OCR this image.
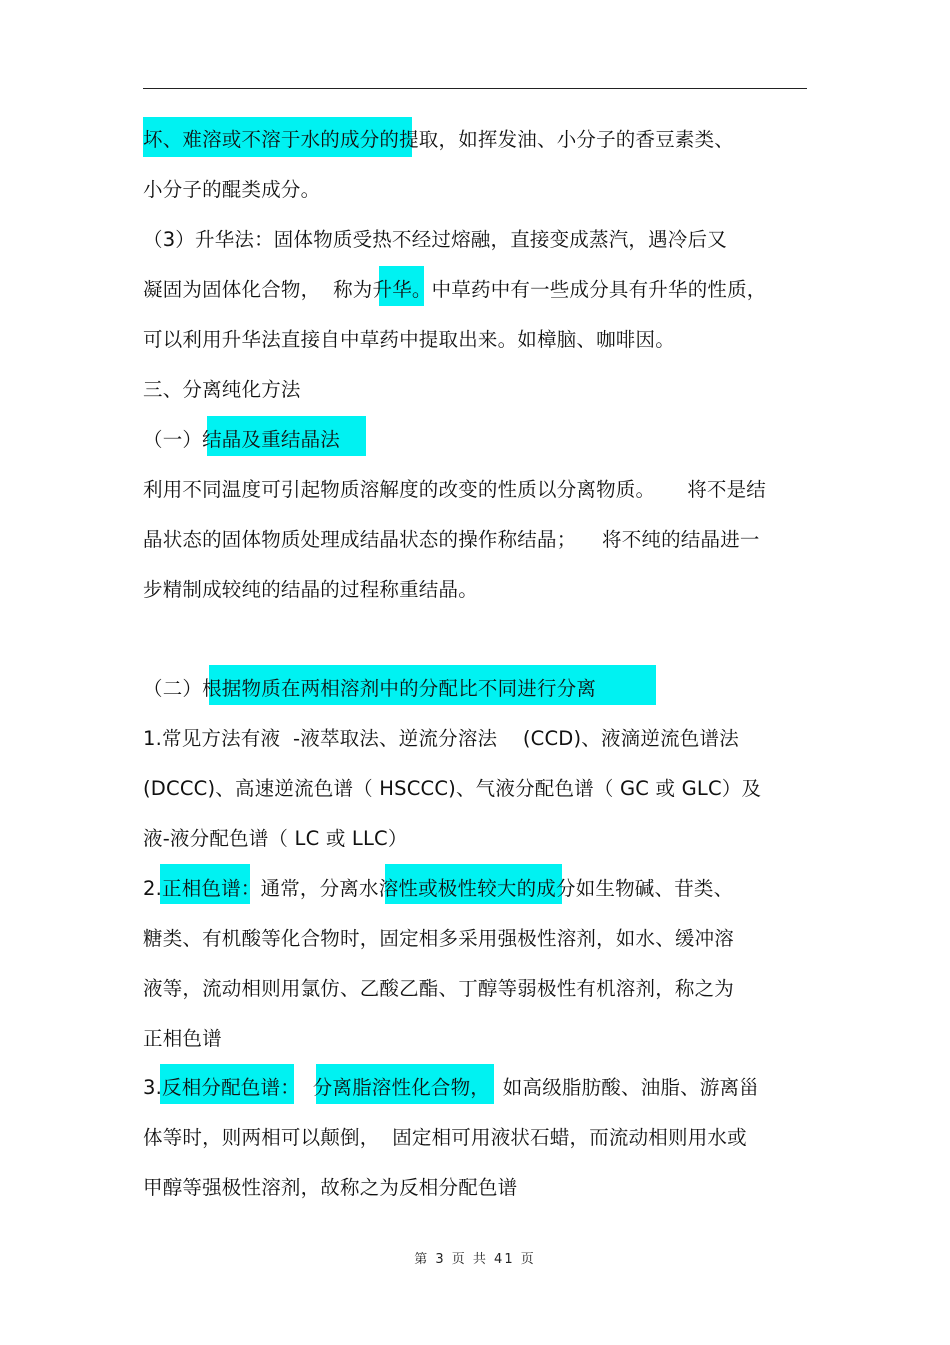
坏、难溶或不溶于水的成分的提取，如挥发油、小分子的香豆素类、
小分子的醌类成分。
（3）升华法：固体物质受热不经过熔融，直接变成蒸汽，遇冷后又
凝固为固体化合物，  称为升华。中草药中有一些成分具有升华的性质，
可以利用升华法直接自中草药中提取出来。如樟脑、咖啡因。
三、分离纯化方法
（一）结晶及重结晶法
利用不同温度可引起物质溶解度的改变的性质以分离物质。     将不是结
晶状态的固体物质处理成结晶状态的操作称结晶；    将不纯的结晶进一
步精制成较纯的结晶的过程称重结晶。
（二）根据物质在两相溶剂中的分配比不同进行分离
1.常见方法有液  -液萃取法、逆流分溶法    (CCD)、液滴逆流色谱法
(DCCC)、高速逆流色谱（ HSCCC)、气液分配色谱（ GC 或 GLC）及
液-液分配色谱（ LC 或 LLC）
2.正相色谱：通常，分离水溶性或极性较大的成分如生物碱、苷类、
糖类、有机酸等化合物时，固定相多采用强极性溶剂，如水、缓冲溶
液等，流动相则用氯仿、乙酸乙酯、丁醇等弱极性有机溶剂，称之为
正相色谱
3.反相分配色谱：  分离脂溶性化合物，  如高级脂肪酸、油脂、游离甾
体等时，则两相可以颠倒，  固定相可用液状石蜡，而流动相则用水或
甲醇等强极性溶剂，故称之为反相分配色谱
第 3 页 共 41 页
